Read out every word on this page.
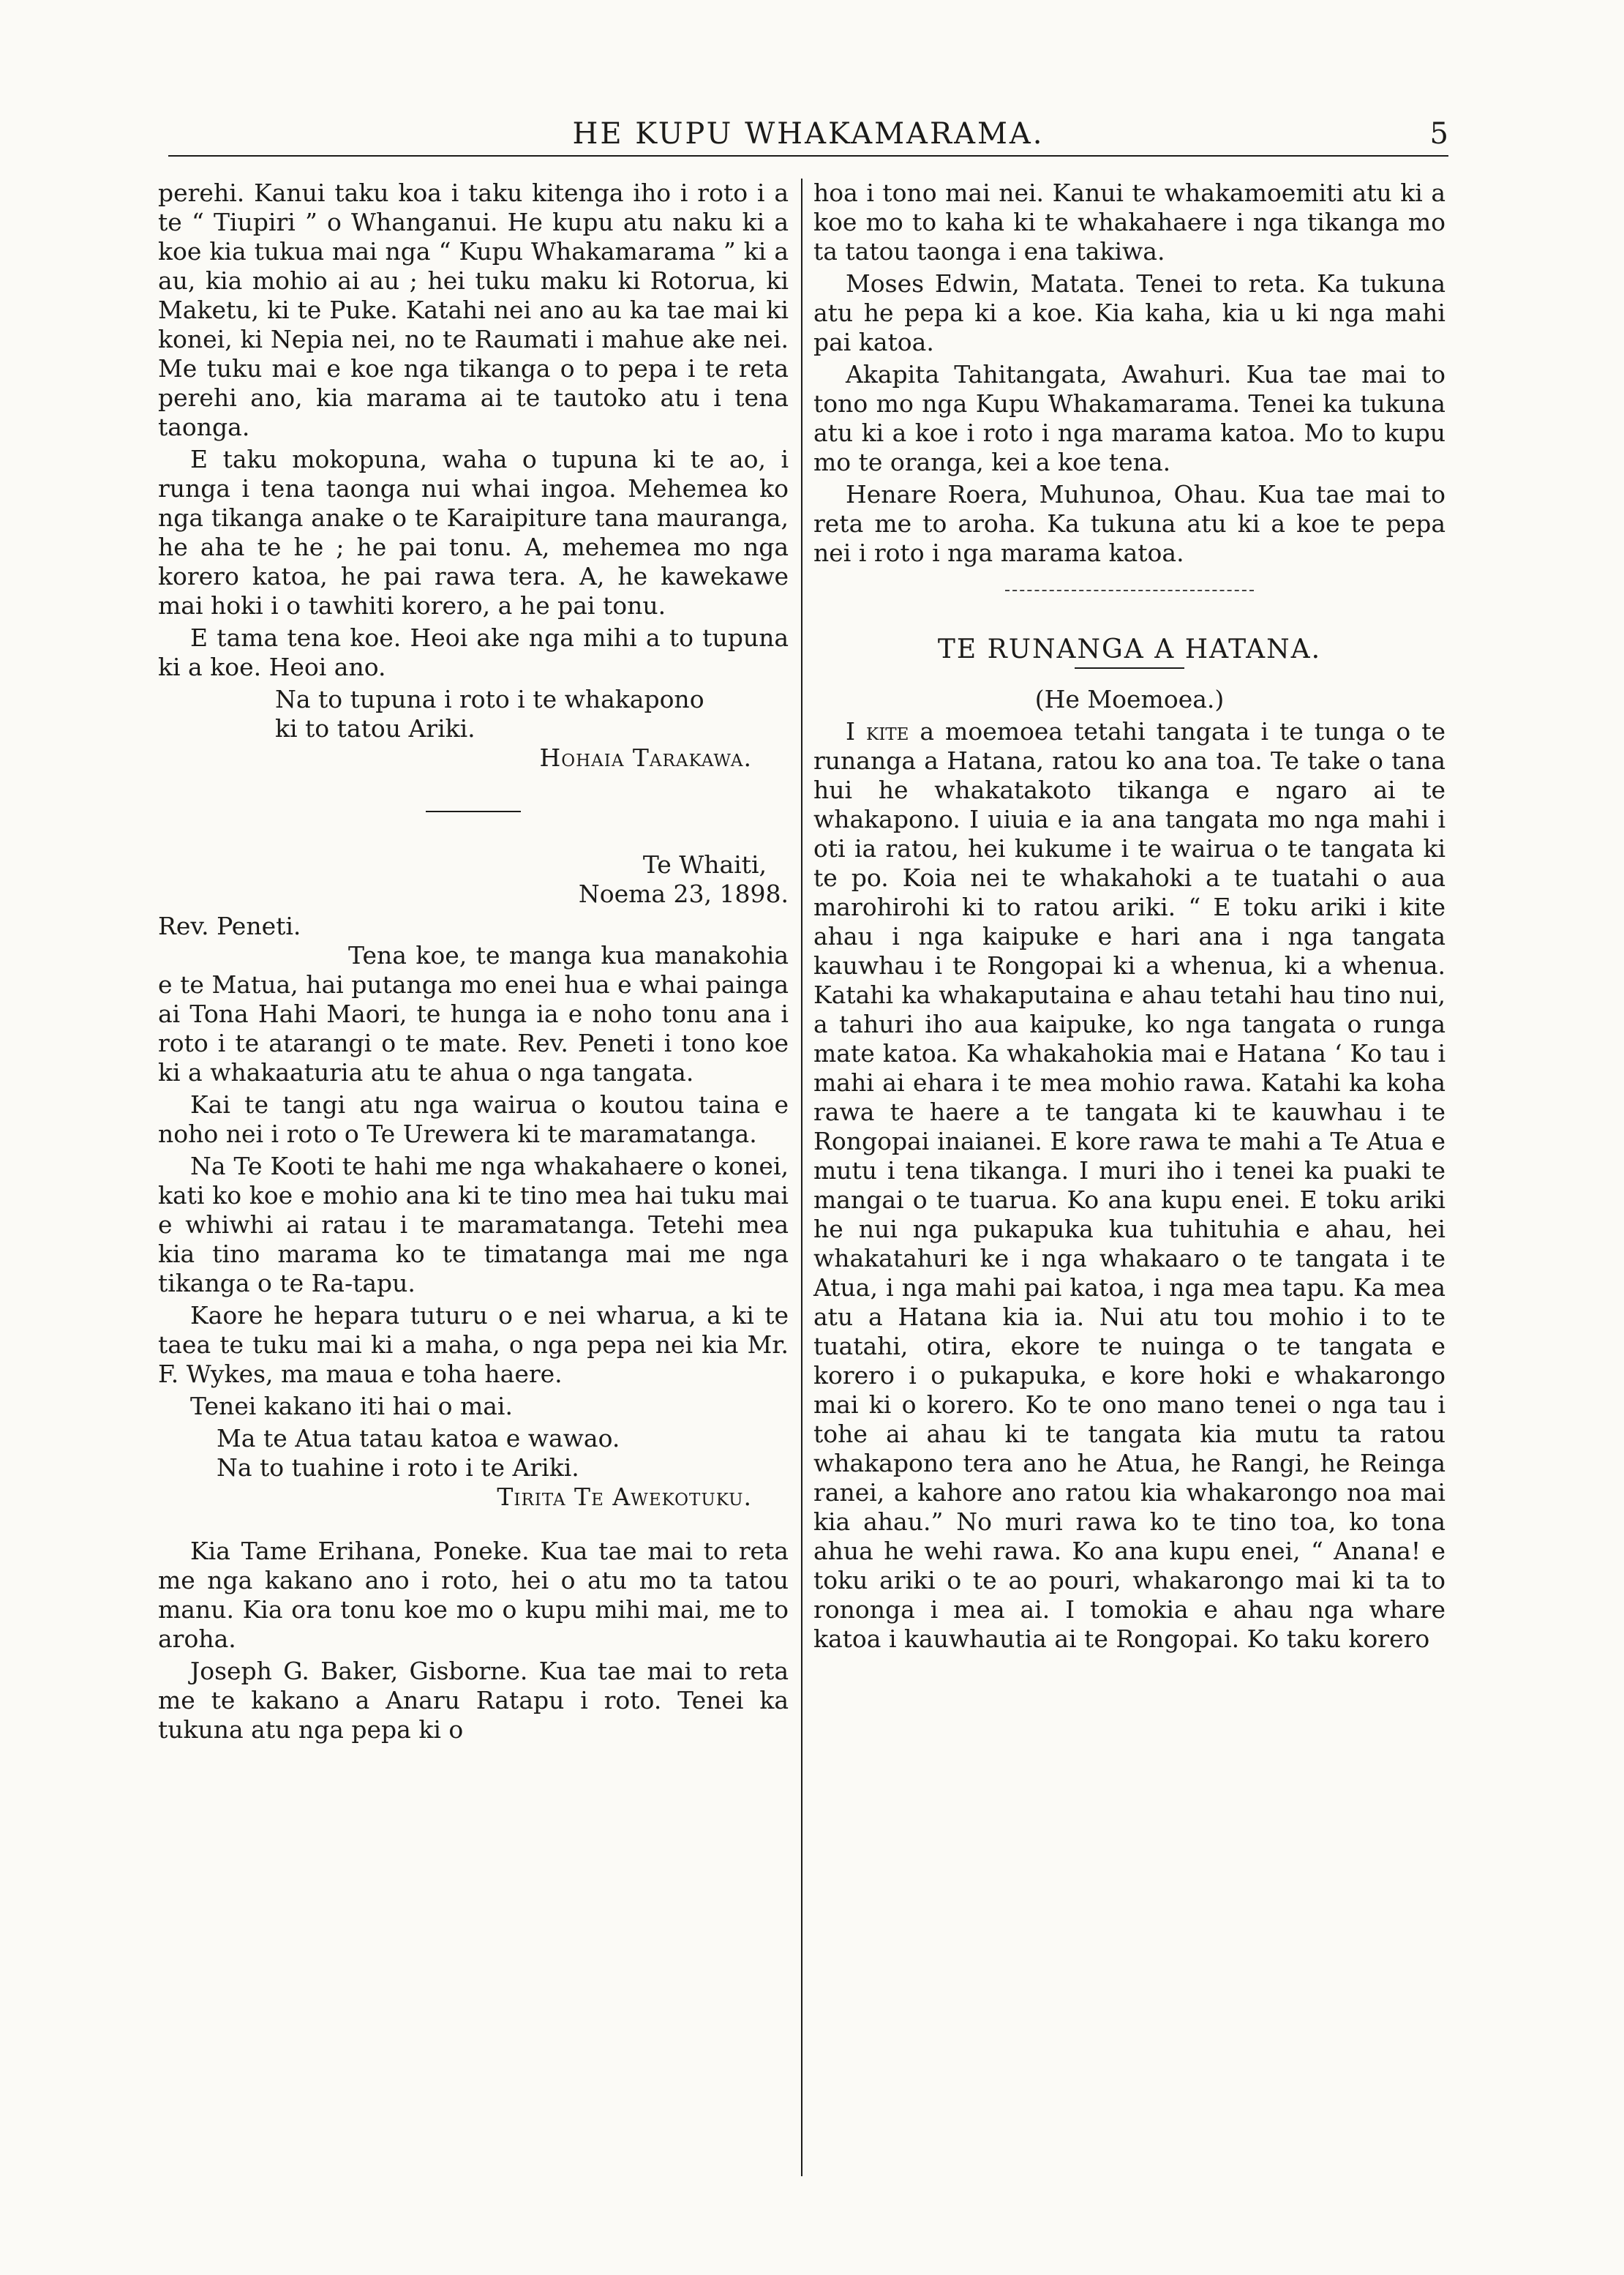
HE KUPU WHAKAMARAMA.	5

perehi. Kanui taku koa i taku kitenga iho i roto i a te “ Tiupiri ” o Whanganui. He kupu atu naku ki a koe kia tukua mai nga “ Kupu Whakamarama ” ki a au, kia mohio ai au ; hei tuku maku ki Rotorua, ki Maketu, ki te Puke. Katahi nei ano au ka tae mai ki konei, ki Nepia nei, no te Raumati i mahue ake nei. Me tuku mai e koe nga tikanga o to pepa i te reta perehi ano, kia marama ai te tautoko atu i tena taonga.

E taku mokopuna, waha o tupuna ki te ao, i runga i tena taonga nui whai ingoa. Mehemea ko nga tikanga anake o te Karaipiture tana mauranga, he aha te he ; he pai tonu. A, mehemea mo nga korero katoa, he pai rawa tera. A, he kawekawe mai hoki i o tawhiti korero, a he pai tonu.

E tama tena koe. Heoi ake nga mihi a to tupuna ki a koe. Heoi ano.

Na to tupuna i roto i te whakapono

ki to tatou Ariki.

Hohaia Tarakawa.

Te Whaiti,

Noema 23, 1898.

Rev. Peneti.

Tena koe, te manga kua manakohia e te Matua, hai putanga mo enei hua e whai painga ai Tona Hahi Maori, te hunga ia e noho tonu ana i roto i te atarangi o te mate. Rev. Peneti i tono koe ki a whakaaturia atu te ahua o nga tangata.

Kai te tangi atu nga wairua o koutou taina e noho nei i roto o Te Urewera ki te maramatanga.

Na Te Kooti te hahi me nga whakahaere o konei, kati ko koe e mohio ana ki te tino mea hai tuku mai e whiwhi ai ratau i te maramatanga. Tetehi mea kia tino marama ko te timatanga mai me nga tikanga o te Ra-tapu.

Kaore he hepara tuturu o e nei wharua, a ki te taea te tuku mai ki a maha, o nga pepa nei kia Mr. F. Wykes, ma maua e toha haere.

Tenei kakano iti hai o mai.

Ma te Atua tatau katoa e wawao.

Na to tuahine i roto i te Ariki.

Tirita Te Awekotuku.

Kia Tame Erihana, Poneke. Kua tae mai to reta me nga kakano ano i roto, hei o atu mo ta tatou manu. Kia ora tonu koe mo o kupu mihi mai, me to aroha.

Joseph G. Baker, Gisborne. Kua tae mai to reta me te kakano a Anaru Ratapu i roto. Tenei ka tukuna atu nga pepa ki o

hoa i tono mai nei. Kanui te whakamoemiti atu ki a koe mo to kaha ki te whakahaere i nga tikanga mo ta tatou taonga i ena takiwa.

Moses Edwin, Matata. Tenei to reta. Ka tukuna atu he pepa ki a koe. Kia kaha, kia u ki nga mahi pai katoa.

Akapita Tahitangata, Awahuri. Kua tae mai to tono mo nga Kupu Whakamarama. Tenei ka tukuna atu ki a koe i roto i nga marama katoa. Mo to kupu mo te oranga, kei a koe tena.

Henare Roera, Muhunoa, Ohau. Kua tae mai to reta me to aroha. Ka tukuna atu ki a koe te pepa nei i roto i nga marama katoa.

TE RUNANGA A HATANA.

(He Moemoea.)

I kite a moemoea tetahi tangata i te tunga o te runanga a Hatana, ratou ko ana toa. Te take o tana hui he whakatakoto tikanga e ngaro ai te whakapono. I uiuia e ia ana tangata mo nga mahi i oti ia ratou, hei kukume i te wairua o te tangata ki te po. Koia nei te whakahoki a te tuatahi o aua marohirohi ki to ratou ariki. “ E toku ariki i kite ahau i nga kaipuke e hari ana i nga tangata kauwhau i te Rongopai ki a whenua, ki a whenua. Katahi ka whakaputaina e ahau tetahi hau tino nui, a tahuri iho aua kaipuke, ko nga tangata o runga mate katoa. Ka whakahokia mai e Hatana ‘ Ko tau i mahi ai ehara i te mea mohio rawa. Katahi ka koha rawa te haere a te tangata ki te kauwhau i te Rongopai inaianei. E kore rawa te mahi a Te Atua e mutu i tena tikanga. I muri iho i tenei ka puaki te mangai o te tuarua. Ko ana kupu enei. E toku ariki he nui nga pukapuka kua tuhituhia e ahau, hei whakatahuri ke i nga whakaaro o te tangata i te Atua, i nga mahi pai katoa, i nga mea tapu. Ka mea atu a Hatana kia ia. Nui atu tou mohio i to te tuatahi, otira, ekore te nuinga o te tangata e korero i o pukapuka, e kore hoki e whakarongo mai ki o korero. Ko te ono mano tenei o nga tau i tohe ai ahau ki te tangata kia mutu ta ratou whakapono tera ano he Atua, he Rangi, he Reinga ranei, a kahore ano ratou kia whakarongo noa mai kia ahau.” No muri rawa ko te tino toa, ko tona ahua he wehi rawa. Ko ana kupu enei, “ Anana! e toku ariki o te ao pouri, whakarongo mai ki ta to rononga i mea ai. I tomokia e ahau nga whare katoa i kauwhautia ai te Rongopai. Ko taku korero
